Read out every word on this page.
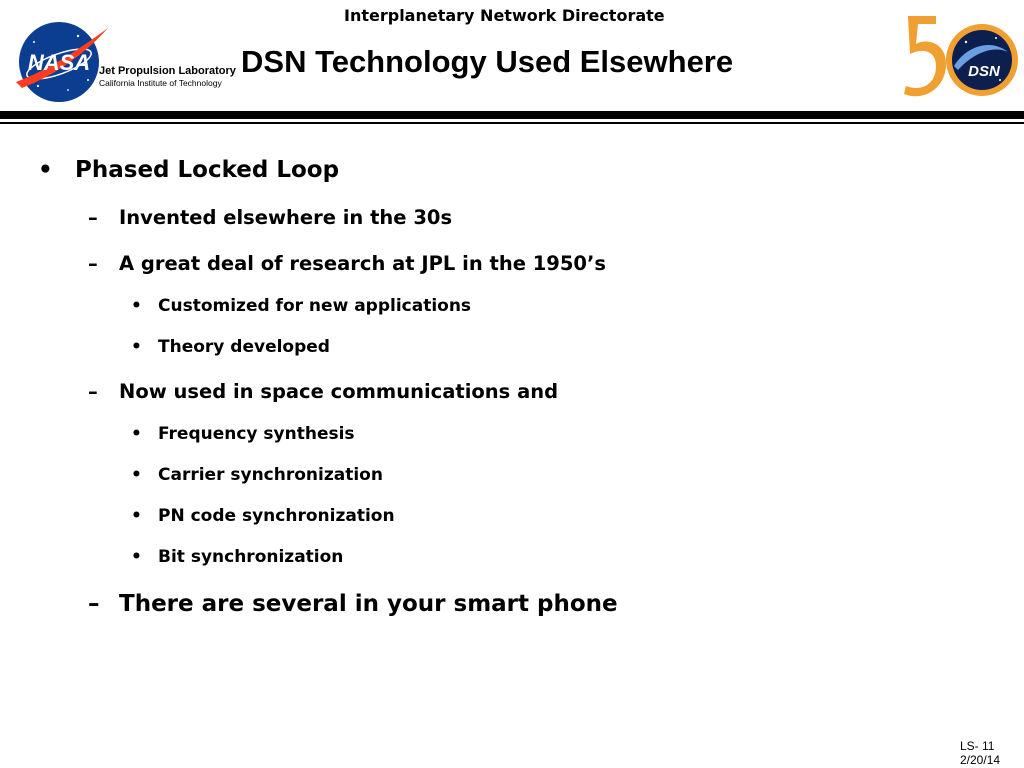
Interplanetary Network Directorate
NASA Jet Propulsion Laboratory
California Institute of Technology
DSN Technology Used Elsewhere	DSN
• Phased Locked Loop
– Invented elsewhere in the 30s
– A great deal of research at JPL in the 1950’s
• Customized for new applications
• Theory developed
– Now used in space communications and
• Frequency synthesis
• Carrier synchronization
• PN code synchronization
• Bit synchronization
– There are several in your smart phone
LS- 11
2/20/14
